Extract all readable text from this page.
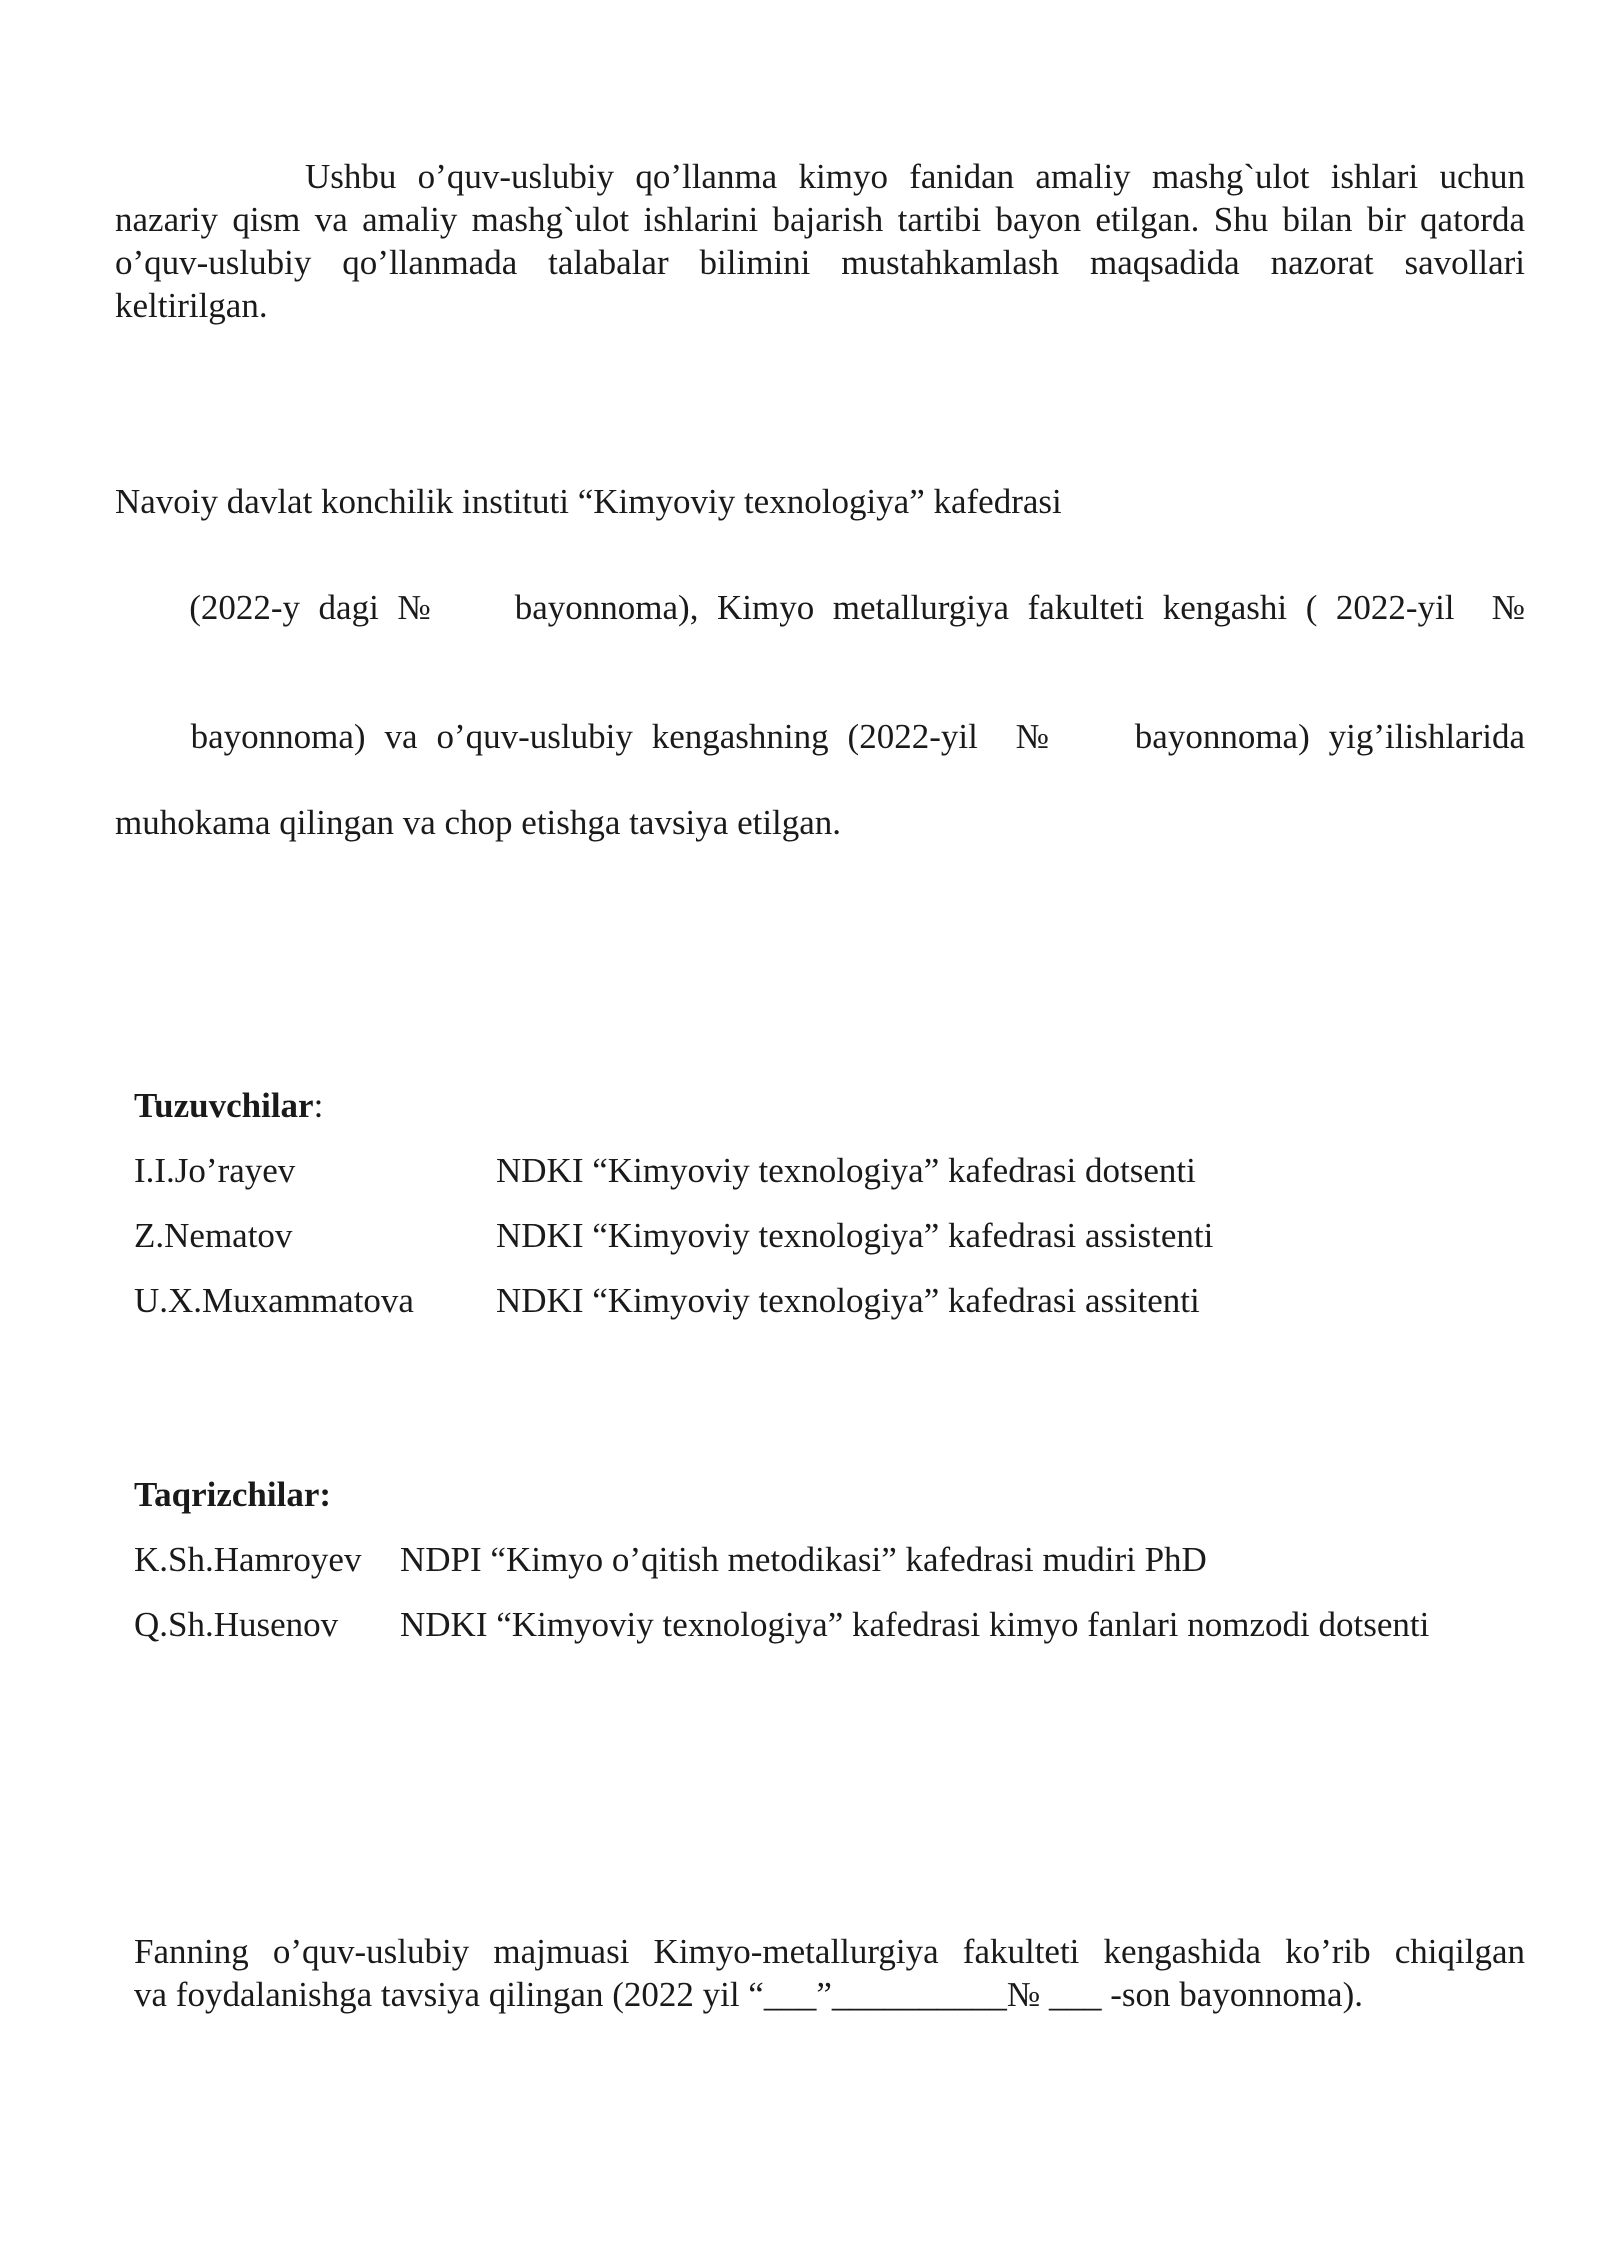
Ushbu o’quv-uslubiy qo’llanma kimyo fanidan amaliy mashg`ulot ishlari uchun
nazariy qism va amaliy mashg`ulot ishlarini bajarish tartibi bayon etilgan. Shu bilan bir qatorda
o’quv-uslubiy qo’llanmada talabalar bilimini mustahkamlash maqsadida nazorat savollari
keltirilgan.
Navoiy davlat konchilik instituti “Kimyoviy texnologiya” kafedrasi

(2022-y dagi №    bayonnoma), Kimyo metallurgiya fakulteti kengashi ( 2022-yil  №

bayonnoma) va o’quv-uslubiy kengashning (2022-yil  №    bayonnoma) yig’ilishlarida

muhokama qilingan va chop etishga tavsiya etilgan.
Tuzuvchilar:
I.I.Jo’rayev	NDKI “Kimyoviy texnologiya” kafedrasi dotsenti
Z.Nematov	NDKI “Kimyoviy texnologiya” kafedrasi assistenti
U.X.Muxammatova NDKI “Kimyoviy texnologiya” kafedrasi assitenti
Taqrizchilar:
K.Sh.Hamroyev NDPI “Kimyo o’qitish metodikasi” kafedrasi mudiri PhD
Q.Sh.Husenov NDKI “Kimyoviy texnologiya” kafedrasi kimyo fanlari nomzodi dotsenti
Fanning o’quv-uslubiy majmuasi Kimyo-metallurgiya fakulteti kengashida ko’rib chiqilgan
va foydalanishga tavsiya qilingan (2022 yil “___”__________№ ___ -son bayonnoma).
